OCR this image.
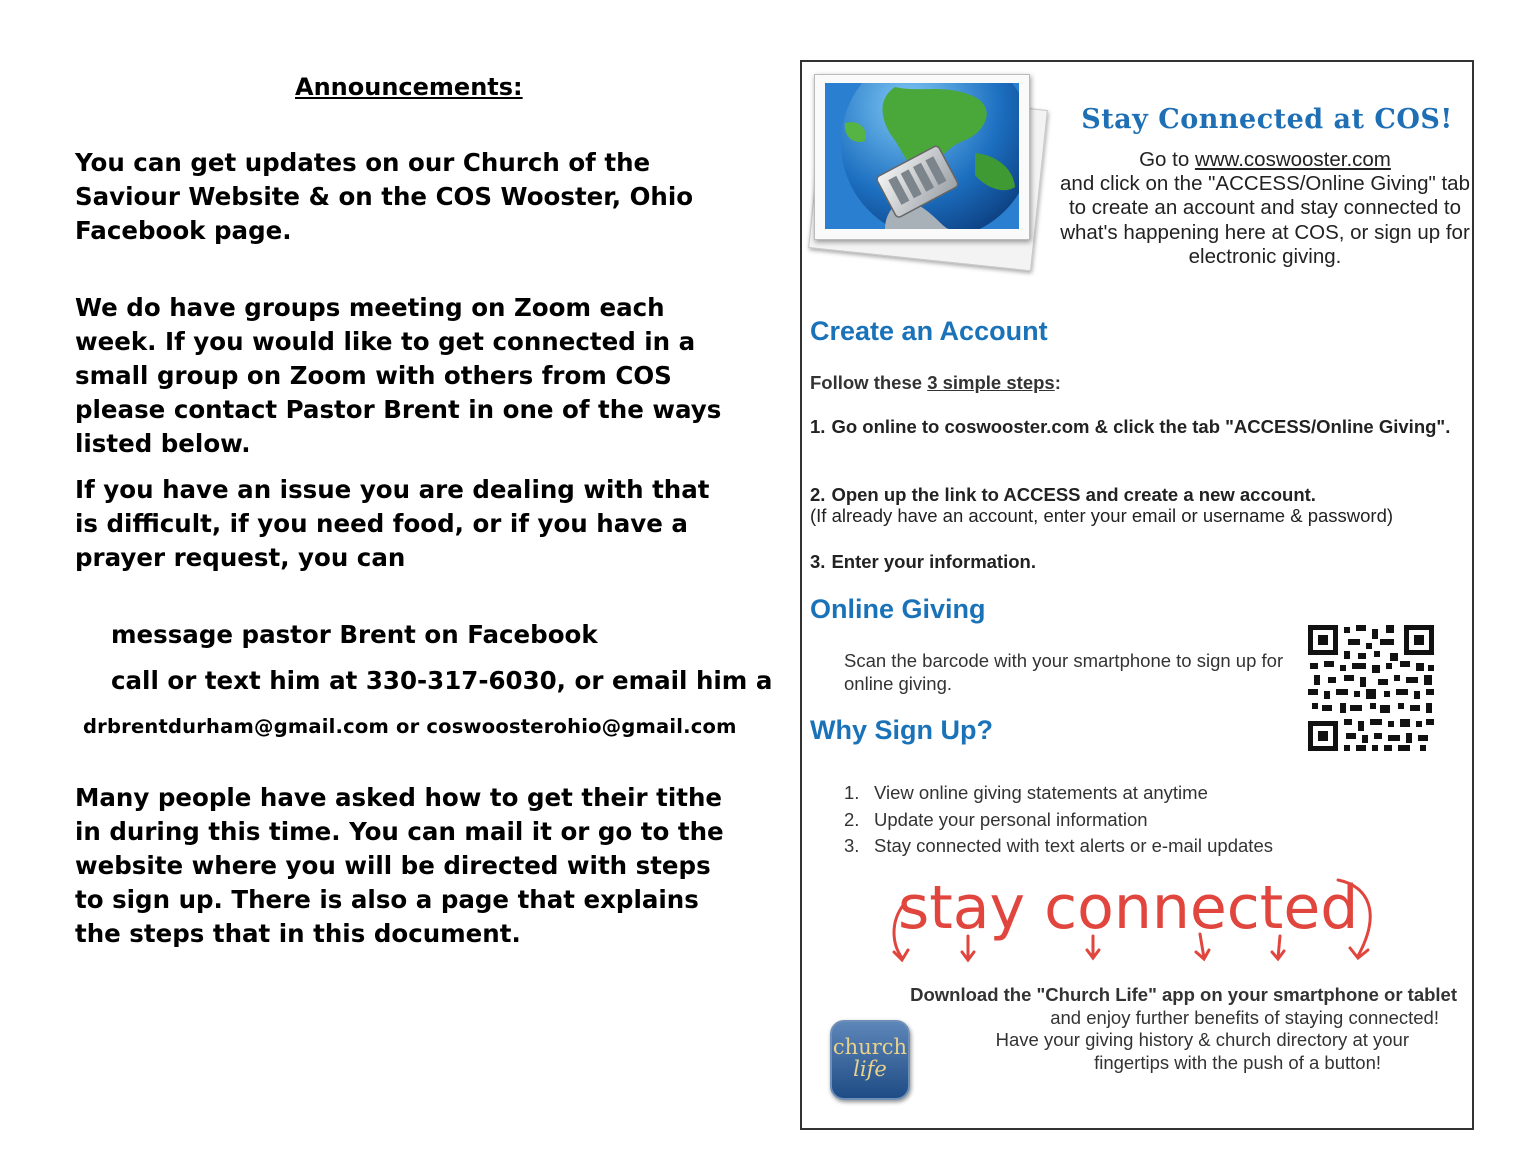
Announcements:

You can get updates on our Church of the Saviour Website & on the COS Wooster, Ohio Facebook page.

We do have groups meeting on Zoom each week. If you would like to get connected in a small group on Zoom with others from COS please contact Pastor Brent in one of the ways listed below.

If you have an issue you are dealing with that is difficult, if you need food, or if you have a prayer request, you can

message pastor Brent on Facebook
call or text him at 330-317-6030, or email him a
drbrentdurham@gmail.com or coswoosterohio@gmail.com

Many people have asked how to get their tithe in during this time. You can mail it or go to the website where you will be directed with steps to sign up. There is also a page that explains the steps that in this document.

Stay Connected at COS!
Go to www.coswooster.com
and click on the "ACCESS/Online Giving" tab to create an account and stay connected to what's happening here at COS, or sign up for electronic giving.
Create an Account
Follow these 3 simple steps:
1. Go online to coswooster.com & click the tab "ACCESS/Online Giving".
2. Open up the link to ACCESS and create a new account.
(If already have an account, enter your email or username & password)
3. Enter your information.
Online Giving
Scan the barcode with your smartphone to sign up for online giving.
Why Sign Up?
1. View online giving statements at anytime
2. Update your personal information
3. Stay connected with text alerts or e-mail updates
stay connected
Download the "Church Life" app on your smartphone or tablet

and enjoy further benefits of staying connected!
Have your giving history & church directory at your
fingertips with the push of a button!
church
life
